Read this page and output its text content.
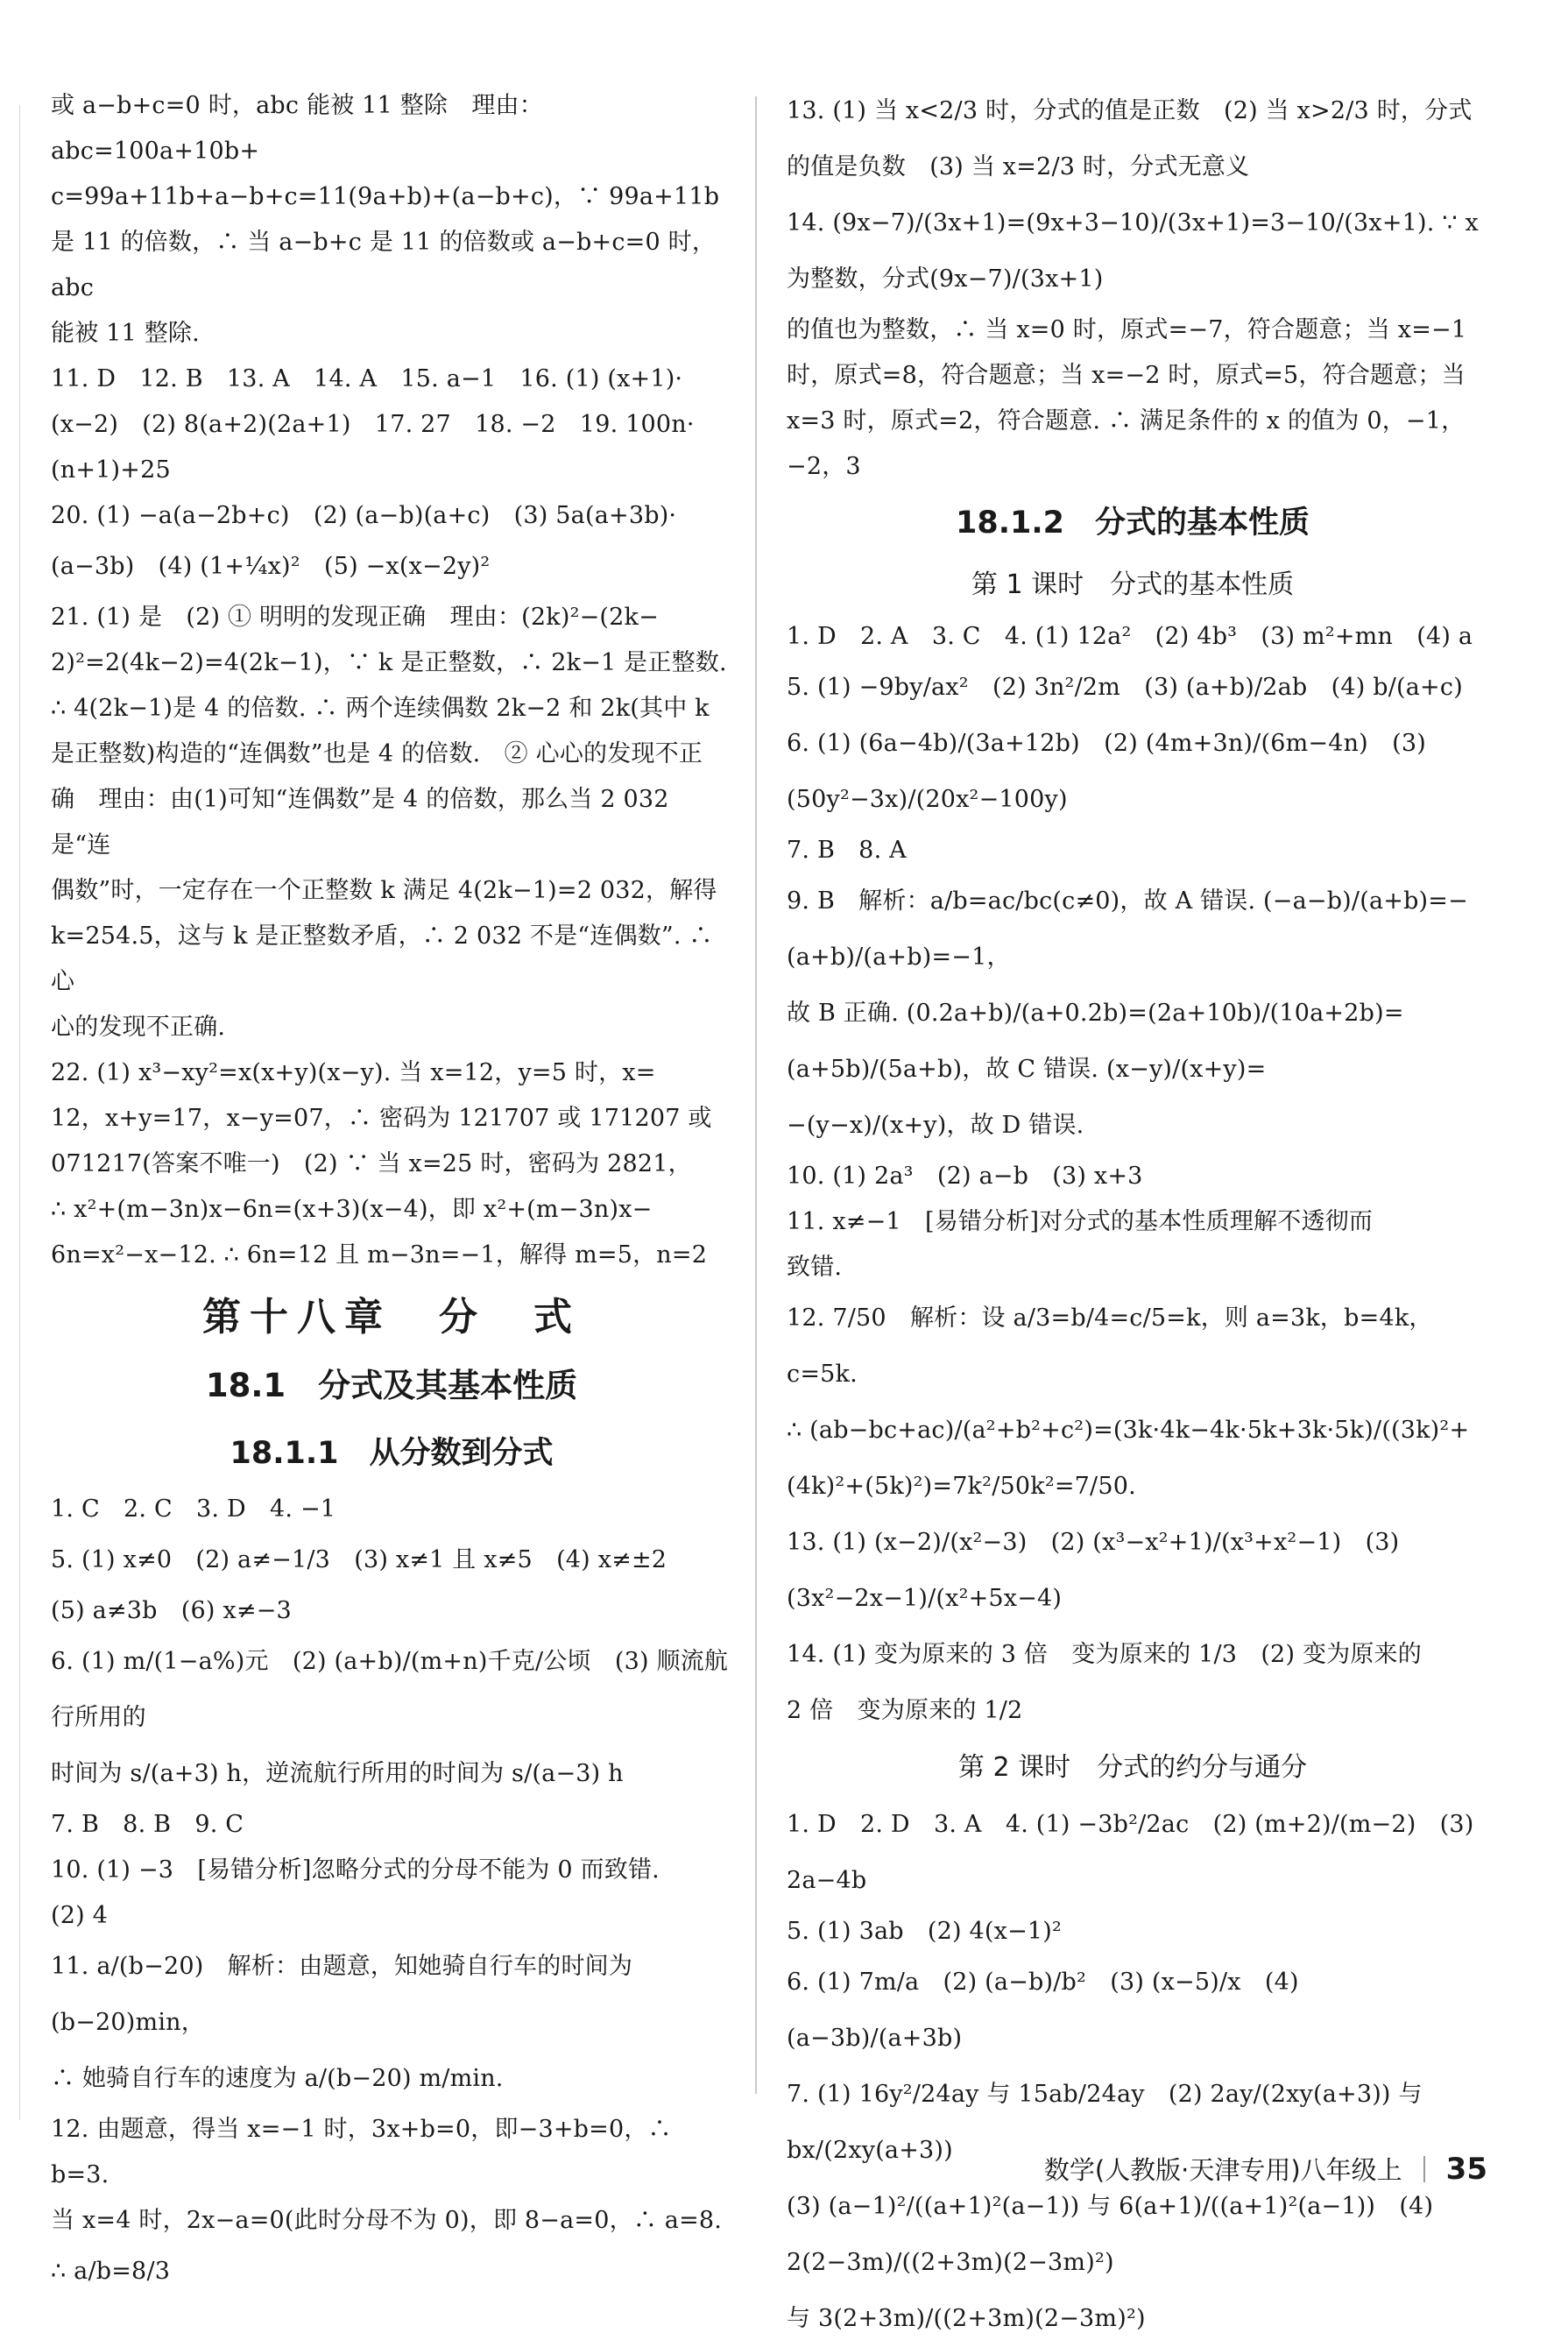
或 a−b+c=0 时，abc 能被 11 整除　理由：abc=100a+10b+
c=99a+11b+a−b+c=11(9a+b)+(a−b+c)，∵ 99a+11b
是 11 的倍数，∴ 当 a−b+c 是 11 的倍数或 a−b+c=0 时，abc
能被 11 整除.
11. D　12. B　13. A　14. A　15. a−1　16. (1) (x+1)·
(x−2)　(2) 8(a+2)(2a+1)　17. 27　18. −2　19. 100n·
(n+1)+25
20. (1) −a(a−2b+c)　(2) (a−b)(a+c)　(3) 5a(a+3b)·
(a−3b)　(4) (1+¼x)²　(5) −x(x−2y)²
21. (1) 是　(2) ① 明明的发现正确　理由：(2k)²−(2k−
2)²=2(4k−2)=4(2k−1)，∵ k 是正整数，∴ 2k−1 是正整数.
∴ 4(2k−1)是 4 的倍数. ∴ 两个连续偶数 2k−2 和 2k(其中 k
是正整数)构造的“连偶数”也是 4 的倍数.　② 心心的发现不正
确　理由：由(1)可知“连偶数”是 4 的倍数，那么当 2 032 是“连
偶数”时，一定存在一个正整数 k 满足 4(2k−1)=2 032，解得
k=254.5，这与 k 是正整数矛盾，∴ 2 032 不是“连偶数”. ∴ 心
心的发现不正确.
22. (1) x³−xy²=x(x+y)(x−y). 当 x=12，y=5 时，x=
12，x+y=17，x−y=07，∴ 密码为 121707 或 171207 或
071217(答案不唯一)　(2) ∵ 当 x=25 时，密码为 2821，
∴ x²+(m−3n)x−6n=(x+3)(x−4)，即 x²+(m−3n)x−
6n=x²−x−12. ∴ 6n=12 且 m−3n=−1，解得 m=5，n=2
第十八章　分　式
18.1　分式及其基本性质
18.1.1　从分数到分式
1. C　2. C　3. D　4. −1
5. (1) x≠0　(2) a≠−1/3　(3) x≠1 且 x≠5　(4) x≠±2
(5) a≠3b　(6) x≠−3
6. (1) m/(1−a%)元　(2) (a+b)/(m+n)千克/公顷　(3) 顺流航行所用的
时间为 s/(a+3) h，逆流航行所用的时间为 s/(a−3) h
7. B　8. B　9. C
10. (1) −3　[易错分析]忽略分式的分母不能为 0 而致错.
(2) 4
11. a/(b−20)　解析：由题意，知她骑自行车的时间为(b−20)min，
∴ 她骑自行车的速度为 a/(b−20) m/min.
12. 由题意，得当 x=−1 时，3x+b=0，即−3+b=0，∴ b=3.
当 x=4 时，2x−a=0(此时分母不为 0)，即 8−a=0，∴ a=8.
∴ a/b=8/3
13. (1) 当 x<2/3 时，分式的值是正数　(2) 当 x>2/3 时，分式
的值是负数　(3) 当 x=2/3 时，分式无意义
14. (9x−7)/(3x+1)=(9x+3−10)/(3x+1)=3−10/(3x+1). ∵ x 为整数，分式(9x−7)/(3x+1)
的值也为整数，∴ 当 x=0 时，原式=−7，符合题意；当 x=−1
时，原式=8，符合题意；当 x=−2 时，原式=5，符合题意；当
x=3 时，原式=2，符合题意. ∴ 满足条件的 x 的值为 0，−1，
−2，3
18.1.2　分式的基本性质
第 1 课时　分式的基本性质
1. D　2. A　3. C　4. (1) 12a²　(2) 4b³　(3) m²+mn　(4) a
5. (1) −9by/ax²　(2) 3n²/2m　(3) (a+b)/2ab　(4) b/(a+c)
6. (1) (6a−4b)/(3a+12b)　(2) (4m+3n)/(6m−4n)　(3) (50y²−3x)/(20x²−100y)
7. B　8. A
9. B　解析：a/b=ac/bc(c≠0)，故 A 错误. (−a−b)/(a+b)=−(a+b)/(a+b)=−1，
故 B 正确. (0.2a+b)/(a+0.2b)=(2a+10b)/(10a+2b)=(a+5b)/(5a+b)，故 C 错误. (x−y)/(x+y)=
−(y−x)/(x+y)，故 D 错误.
10. (1) 2a³　(2) a−b　(3) x+3
11. x≠−1　[易错分析]对分式的基本性质理解不透彻而
致错.
12. 7/50　解析：设 a/3=b/4=c/5=k，则 a=3k，b=4k，c=5k.
∴ (ab−bc+ac)/(a²+b²+c²)=(3k·4k−4k·5k+3k·5k)/((3k)²+(4k)²+(5k)²)=7k²/50k²=7/50.
13. (1) (x−2)/(x²−3)　(2) (x³−x²+1)/(x³+x²−1)　(3) (3x²−2x−1)/(x²+5x−4)
14. (1) 变为原来的 3 倍　变为原来的 1/3　(2) 变为原来的
2 倍　变为原来的 1/2
第 2 课时　分式的约分与通分
1. D　2. D　3. A　4. (1) −3b²/2ac　(2) (m+2)/(m−2)　(3) 2a−4b
5. (1) 3ab　(2) 4(x−1)²
6. (1) 7m/a　(2) (a−b)/b²　(3) (x−5)/x　(4) (a−3b)/(a+3b)
7. (1) 16y²/24ay 与 15ab/24ay　(2) 2ay/(2xy(a+3)) 与 bx/(2xy(a+3))
(3) (a−1)²/((a+1)²(a−1)) 与 6(a+1)/((a+1)²(a−1))　(4) 2(2−3m)/((2+3m)(2−3m)²)
与 3(2+3m)/((2+3m)(2−3m)²)
数学(人教版·天津专用)八年级上 35
